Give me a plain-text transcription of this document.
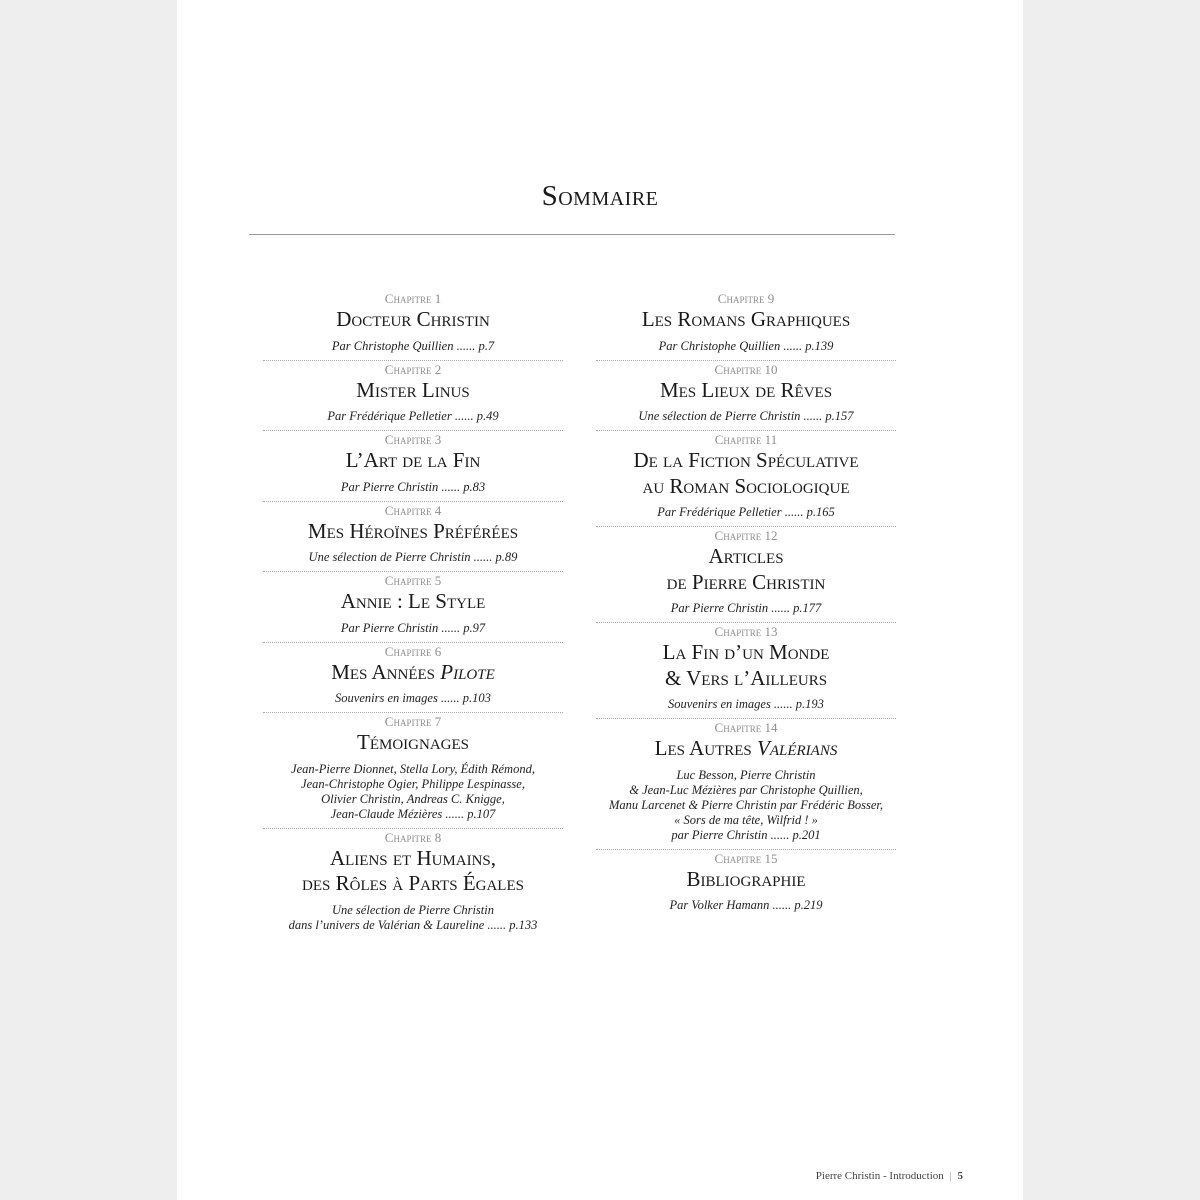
Sommaire
Chapitre 1
Docteur Christin
Par Christophe Quillien ...... p.7
Chapitre 2
Mister Linus
Par Frédérique Pelletier ...... p.49
Chapitre 3
L’Art de la Fin
Par Pierre Christin ...... p.83
Chapitre 4
Mes Héroïnes Préférées
Une sélection de Pierre Christin ...... p.89
Chapitre 5
Annie : Le Style
Par Pierre Christin ...... p.97
Chapitre 6
Mes Années Pilote
Souvenirs en images ...... p.103
Chapitre 7
Témoignages
Jean-Pierre Dionnet, Stella Lory, Édith Rémond,
Jean-Christophe Ogier, Philippe Lespinasse,
Olivier Christin, Andreas C. Knigge,
Jean-Claude Mézières ...... p.107
Chapitre 8
Aliens et Humains,
des Rôles à Parts Égales
Une sélection de Pierre Christin
dans l’univers de Valérian & Laureline ...... p.133
Chapitre 9
Les Romans Graphiques
Par Christophe Quillien ...... p.139
Chapitre 10
Mes Lieux de Rêves
Une sélection de Pierre Christin ...... p.157
Chapitre 11
De la Fiction Spéculative
au Roman Sociologique
Par Frédérique Pelletier ...... p.165
Chapitre 12
Articles
de Pierre Christin
Par Pierre Christin ...... p.177
Chapitre 13
La Fin d’un Monde
& Vers l’Ailleurs
Souvenirs en images ...... p.193
Chapitre 14
Les Autres Valérians
Luc Besson, Pierre Christin
& Jean-Luc Mézières par Christophe Quillien,
Manu Larcenet & Pierre Christin par Frédéric Bosser,
« Sors de ma tête, Wilfrid ! »
par Pierre Christin ...... p.201
Chapitre 15
Bibliographie
Par Volker Hamann ...... p.219
Pierre Christin - Introduction | 5
